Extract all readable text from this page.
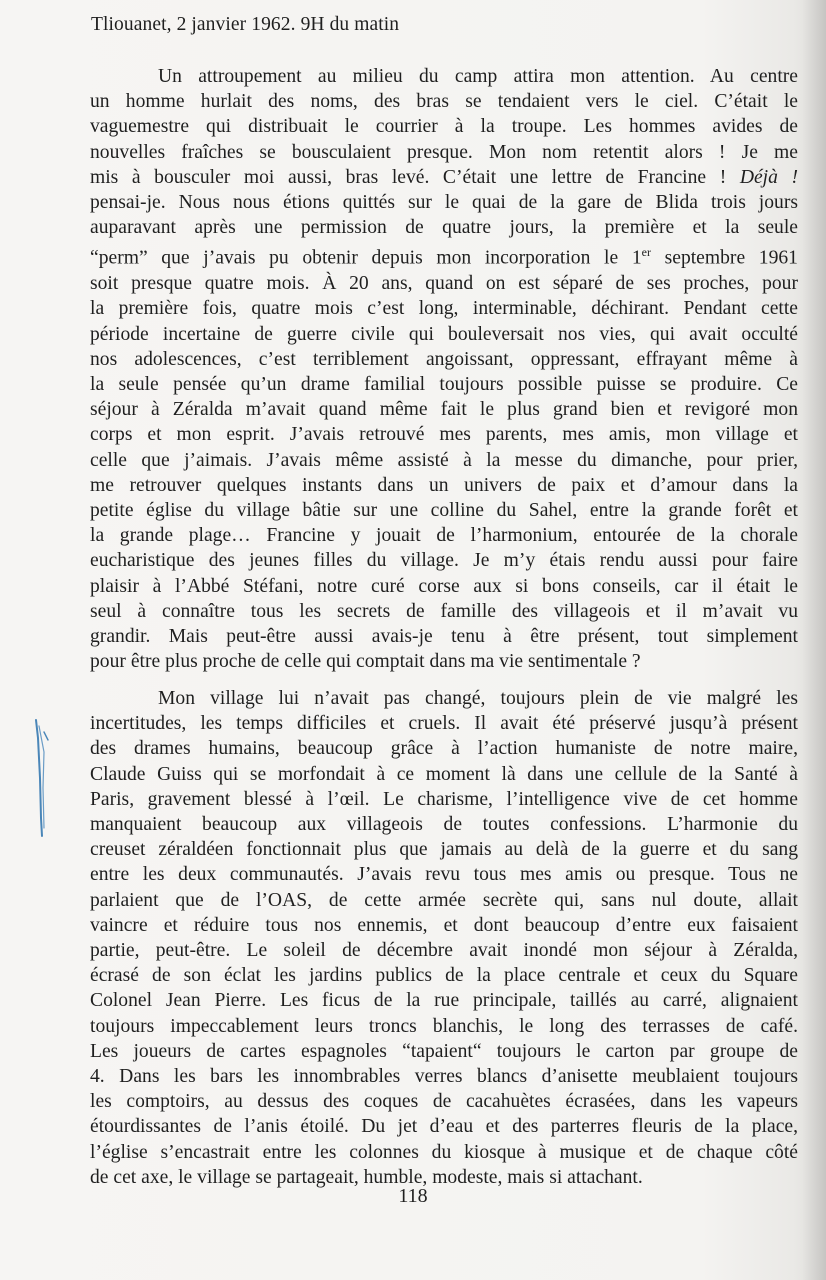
Tliouanet, 2 janvier 1962. 9H du matin
Un attroupement au milieu du camp attira mon attention. Au centre
un homme hurlait des noms, des bras se tendaient vers le ciel. C’était le
vaguemestre qui distribuait le courrier à la troupe. Les hommes avides de
nouvelles fraîches se bousculaient presque. Mon nom retentit alors ! Je me
mis à bousculer moi aussi, bras levé. C’était une lettre de Francine ! Déjà !
pensai-je. Nous nous étions quittés sur le quai de la gare de Blida trois jours
auparavant après une permission de quatre jours, la première et la seule
“perm” que j’avais pu obtenir depuis mon incorporation le 1er septembre 1961
soit presque quatre mois. À 20 ans, quand on est séparé de ses proches, pour
la première fois, quatre mois c’est long, interminable, déchirant. Pendant cette
période incertaine de guerre civile qui bouleversait nos vies, qui avait occulté
nos adolescences, c’est terriblement angoissant, oppressant, effrayant même à
la seule pensée qu’un drame familial toujours possible puisse se produire. Ce
séjour à Zéralda m’avait quand même fait le plus grand bien et revigoré mon
corps et mon esprit. J’avais retrouvé mes parents, mes amis, mon village et
celle que j’aimais. J’avais même assisté à la messe du dimanche, pour prier,
me retrouver quelques instants dans un univers de paix et d’amour dans la
petite église du village bâtie sur une colline du Sahel, entre la grande forêt et
la grande plage… Francine y jouait de l’harmonium, entourée de la chorale
eucharistique des jeunes filles du village. Je m’y étais rendu aussi pour faire
plaisir à l’Abbé Stéfani, notre curé corse aux si bons conseils, car il était le
seul à connaître tous les secrets de famille des villageois et il m’avait vu
grandir. Mais peut-être aussi avais-je tenu à être présent, tout simplement
pour être plus proche de celle qui comptait dans ma vie sentimentale ?
Mon village lui n’avait pas changé, toujours plein de vie malgré les
incertitudes, les temps difficiles et cruels. Il avait été préservé jusqu’à présent
des drames humains, beaucoup grâce à l’action humaniste de notre maire,
Claude Guiss qui se morfondait à ce moment là dans une cellule de la Santé à
Paris, gravement blessé à l’œil. Le charisme, l’intelligence vive de cet homme
manquaient beaucoup aux villageois de toutes confessions. L’harmonie du
creuset zéraldéen fonctionnait plus que jamais au delà de la guerre et du sang
entre les deux communautés. J’avais revu tous mes amis ou presque. Tous ne
parlaient que de l’OAS, de cette armée secrète qui, sans nul doute, allait
vaincre et réduire tous nos ennemis, et dont beaucoup d’entre eux faisaient
partie, peut-être. Le soleil de décembre avait inondé mon séjour à Zéralda,
écrasé de son éclat les jardins publics de la place centrale et ceux du Square
Colonel Jean Pierre. Les ficus de la rue principale, taillés au carré, alignaient
toujours impeccablement leurs troncs blanchis, le long des terrasses de café.
Les joueurs de cartes espagnoles “tapaient“ toujours le carton par groupe de
4. Dans les bars les innombrables verres blancs d’anisette meublaient toujours
les comptoirs, au dessus des coques de cacahuètes écrasées, dans les vapeurs
étourdissantes de l’anis étoilé. Du jet d’eau et des parterres fleuris de la place,
l’église s’encastrait entre les colonnes du kiosque à musique et de chaque côté
de cet axe, le village se partageait, humble, modeste, mais si attachant.
118
